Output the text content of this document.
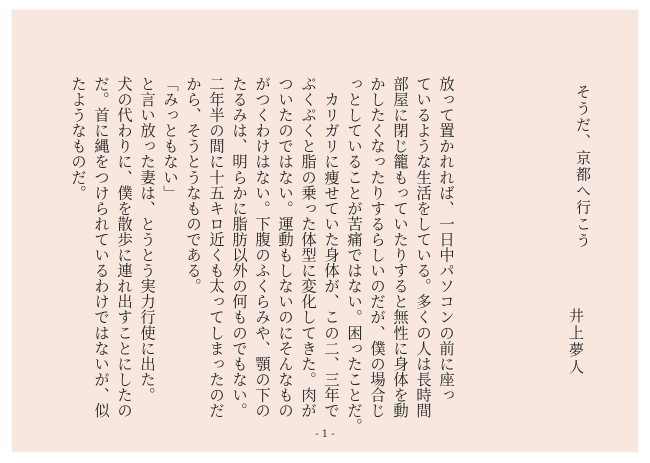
そうだ、京都へ行こう
井上夢人
放って置かれれば、一日中パソコンの前に座っ
ているような生活をしている。多くの人は長時間
部屋に閉じ籠もっていたりすると無性に身体を動
かしたくなったりするらしいのだが、僕の場合じ
っとしていることが苦痛ではない。困ったことだ。
　カリガリに痩せていた身体が、この二、三年で
ぷくぷくと脂の乗った体型に変化してきた。肉が
ついたのではない。運動もしないのにそんなもの
がつくわけはない。下腹のふくらみや、顎の下の
たるみは、明らかに脂肪以外の何ものでもない。
二年半の間に十五キロ近くも太ってしまったのだ
から、そうとうなものである。
「みっともない」
と言い放った妻は、とうとう実力行使に出た。
犬の代わりに、僕を散歩に連れ出すことにしたの
だ。首に縄をつけられているわけではないが、似
たようなものだ。
- 1 -
